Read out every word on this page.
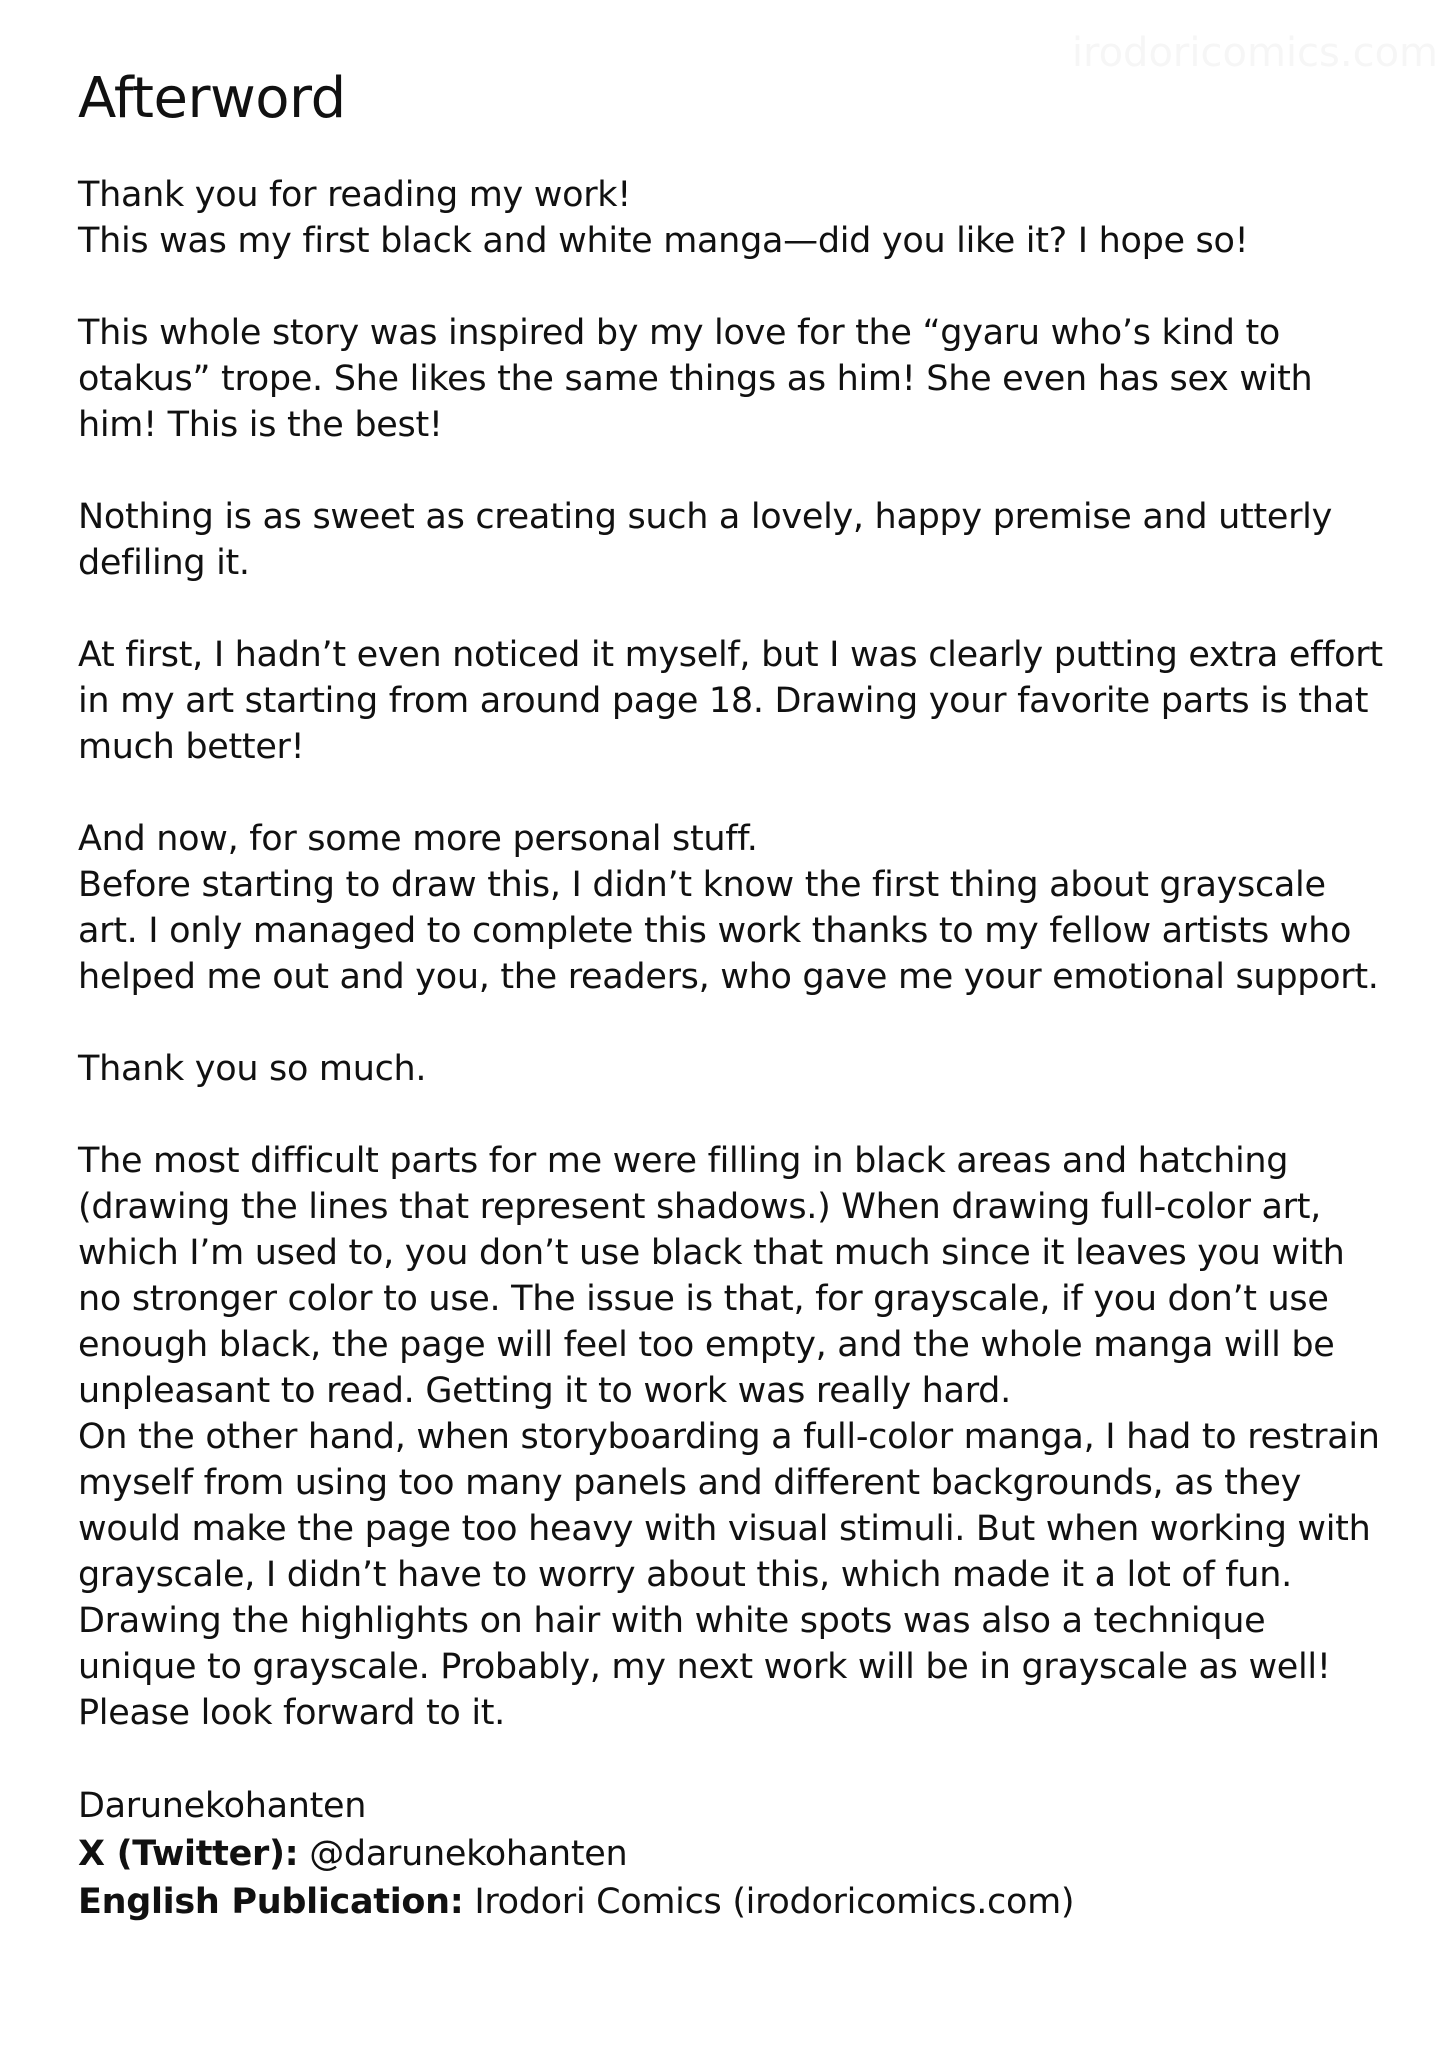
irodoricomics.com
Afterword

Thank you for reading my work!
This was my first black and white manga—did you like it? I hope so!

This whole story was inspired by my love for the “gyaru who’s kind to
otakus” trope. She likes the same things as him! She even has sex with
him! This is the best!

Nothing is as sweet as creating such a lovely, happy premise and utterly
defiling it.

At first, I hadn’t even noticed it myself, but I was clearly putting extra effort
in my art starting from around page 18. Drawing your favorite parts is that
much better!

And now, for some more personal stuff.
Before starting to draw this, I didn’t know the first thing about grayscale
art. I only managed to complete this work thanks to my fellow artists who
helped me out and you, the readers, who gave me your emotional support.

Thank you so much.

The most difficult parts for me were filling in black areas and hatching
(drawing the lines that represent shadows.) When drawing full-color art,
which I’m used to, you don’t use black that much since it leaves you with
no stronger color to use. The issue is that, for grayscale, if you don’t use
enough black, the page will feel too empty, and the whole manga will be
unpleasant to read. Getting it to work was really hard.
On the other hand, when storyboarding a full-color manga, I had to restrain
myself from using too many panels and different backgrounds, as they
would make the page too heavy with visual stimuli. But when working with
grayscale, I didn’t have to worry about this, which made it a lot of fun.
Drawing the highlights on hair with white spots was also a technique
unique to grayscale. Probably, my next work will be in grayscale as well!
Please look forward to it.

Darunekohanten
X (Twitter): @darunekohanten
English Publication: Irodori Comics (irodoricomics.com)
